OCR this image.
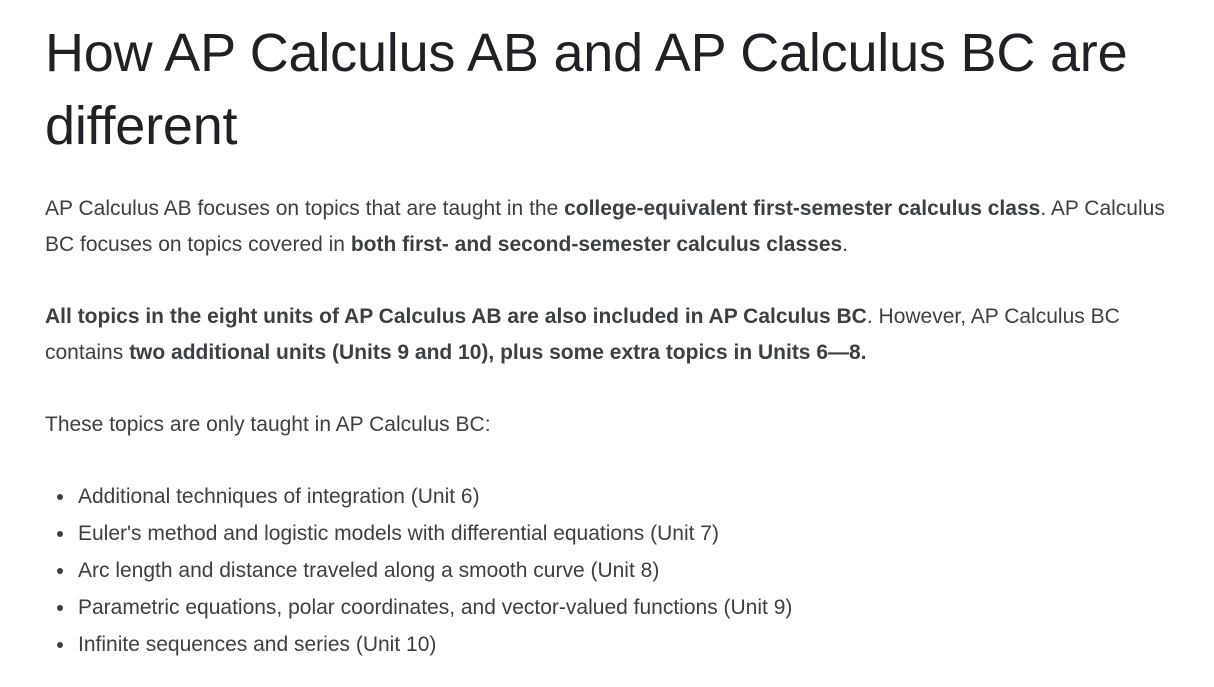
How AP Calculus AB and AP Calculus BC are different

AP Calculus AB focuses on topics that are taught in the college-equivalent first-semester calculus class. AP Calculus BC focuses on topics covered in both first- and second-semester calculus classes.

All topics in the eight units of AP Calculus AB are also included in AP Calculus BC. However, AP Calculus BC contains two additional units (Units 9 and 10), plus some extra topics in Units 6—8.

These topics are only taught in AP Calculus BC:

• Additional techniques of integration (Unit 6)
• Euler's method and logistic models with differential equations (Unit 7)
• Arc length and distance traveled along a smooth curve (Unit 8)
• Parametric equations, polar coordinates, and vector-valued functions (Unit 9)
• Infinite sequences and series (Unit 10)
